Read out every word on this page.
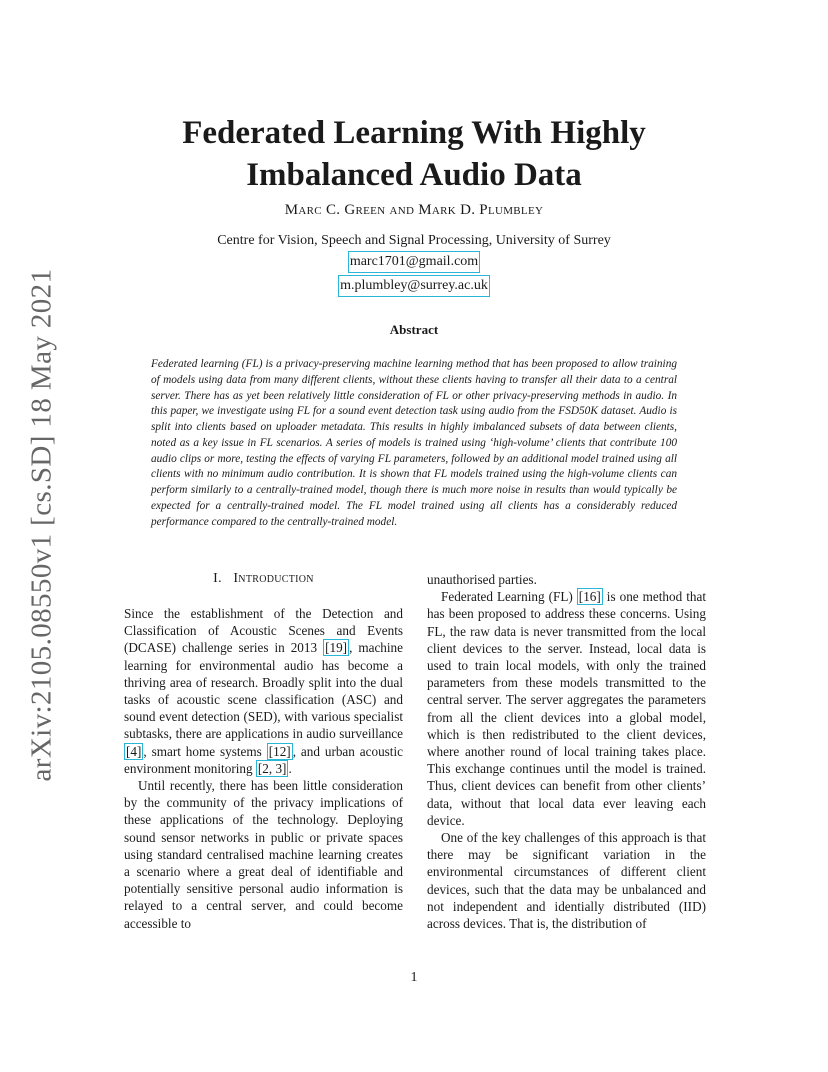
arXiv:2105.08550v1 [cs.SD] 18 May 2021
Federated Learning With Highly Imbalanced Audio Data
Marc C. Green and Mark D. Plumbley
Centre for Vision, Speech and Signal Processing, University of Surrey
marc1701@gmail.com
m.plumbley@surrey.ac.uk
Abstract

Federated learning (FL) is a privacy-preserving machine learning method that has been proposed to allow training of models using data from many different clients, without these clients having to transfer all their data to a central server. There has as yet been relatively little consideration of FL or other privacy-preserving methods in audio. In this paper, we investigate using FL for a sound event detection task using audio from the FSD50K dataset. Audio is split into clients based on uploader metadata. This results in highly imbalanced subsets of data between clients, noted as a key issue in FL scenarios. A series of models is trained using ‘high-volume’ clients that contribute 100 audio clips or more, testing the effects of varying FL parameters, followed by an additional model trained using all clients with no minimum audio contribution. It is shown that FL models trained using the high-volume clients can perform similarly to a centrally-trained model, though there is much more noise in results than would typically be expected for a centrally-trained model. The FL model trained using all clients has a considerably reduced performance compared to the centrally-trained model.

I. Introduction

Since the establishment of the Detection and Classification of Acoustic Scenes and Events (DCASE) challenge series in 2013 [19] , machine learning for environmental audio has become a thriving area of research. Broadly split into the dual tasks of acoustic scene classification (ASC) and sound event detection (SED), with various specialist subtasks, there are applications in audio surveillance [4] , smart home systems [12] , and urban acoustic environment monitoring [2, 3] .

Until recently, there has been little consideration by the community of the privacy implications of these applications of the technology. Deploying sound sensor networks in public or private spaces using standard centralised machine learning creates a scenario where a great deal of identifiable and potentially sensitive personal audio information is relayed to a central server, and could become accessible to

unauthorised parties.

Federated Learning (FL) [16] is one method that has been proposed to address these concerns. Using FL, the raw data is never transmitted from the local client devices to the server. Instead, local data is used to train local models, with only the trained parameters from these models transmitted to the central server. The server aggregates the parameters from all the client devices into a global model, which is then redistributed to the client devices, where another round of local training takes place. This exchange continues until the model is trained. Thus, client devices can benefit from other clients’ data, without that local data ever leaving each device.

One of the key challenges of this approach is that there may be significant variation in the environmental circumstances of different client devices, such that the data may be unbalanced and not independent and identially distributed (IID) across devices. That is, the distribution of

1
